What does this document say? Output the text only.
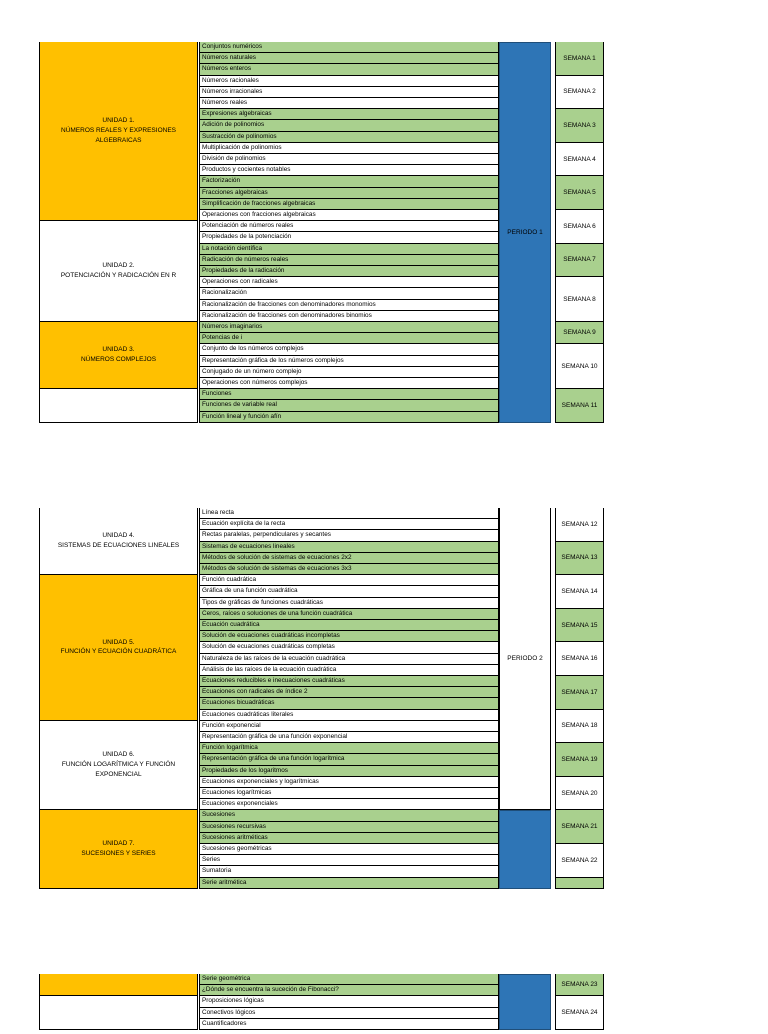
UNIDAD 1.
NÚMEROS REALES Y EXPRESIONES
ALGEBRAICAS
UNIDAD 2.
POTENCIACIÓN Y RADICACIÓN EN R
UNIDAD 3.
NÚMEROS COMPLEJOS
Conjuntos numéricos
Números naturales
Números enteros
Números racionales
Números irracionales
Números reales
Expresiones algebraicas
Adición de polinomios
Sustracción de polinomios
Multiplicación de polinomios
División de polinomios
Productos y cocientes notables
Factorización
Fracciones algebraicas
Simplificación de fracciones algebraicas
Operaciones con fracciones algebraicas
Potenciación de números reales
Propiedades de la potenciación
La notación científica
Radicación de números reales
Propiedades de la radicación
Operaciones con radicales
Racionalización
Racionalización de fracciones con denominadores monomios
Racionalización de fracciones con denominadores binomios
Números imaginarios
Potencias de i
Conjunto de los números complejos
Representación gráfica de los números complejos
Conjugado de un número complejo
Operaciones con números complejos
Funciones
Funciones de variable real
Función lineal y función afín
PERIODO 1
SEMANA 1
SEMANA 2
SEMANA 3
SEMANA 4
SEMANA 5
SEMANA 6
SEMANA 7
SEMANA 8
SEMANA 9
SEMANA 10
SEMANA 11
UNIDAD 4.
SISTEMAS DE ECUACIONES LINEALES
UNIDAD 5.
FUNCIÓN Y ECUACIÓN CUADRÁTICA
UNIDAD 6.
FUNCIÓN LOGARÍTMICA Y FUNCIÓN
EXPONENCIAL
UNIDAD 7.
SUCESIONES Y SERIES
Línea recta
Ecuación explícita de la recta
Rectas paralelas, perpendiculares y secantes
Sistemas de ecuaciones lineales
Métodos de solución de sistemas de ecuaciones 2x2
Métodos de solución de sistemas de ecuaciones 3x3
Función cuadrática
Gráfica de una función cuadrática
Tipos de gráficas de funciones cuadráticas
Ceros, raíces o soluciones de una función cuadrática
Ecuación cuadrática
Solución de ecuaciones cuadráticas incompletas
Solución de ecuaciones cuadráticas completas
Naturaleza de las raíces de la ecuación cuadrática
Análisis de las raíces de la ecuación cuadrática
Ecuaciones reducibles e inecuaciones cuadráticas
Ecuaciones con radicales de índice 2
Ecuaciones bicuadráticas
Ecuaciones cuadráticas literales
Función exponencial
Representación gráfica de una función exponencial
Función logarítmica
Representación gráfica de una función logarítmica
Propiedades de los logaritmos
Ecuaciones exponenciales y logarítmicas
Ecuaciones logarítmicas
Ecuaciones exponenciales
Sucesiones
Sucesiones recursivas
Sucesiones aritméticas
Sucesiones geométricas
Series
Sumatoria
Serie aritmética
PERIODO 2
SEMANA 12
SEMANA 13
SEMANA 14
SEMANA 15
SEMANA 16
SEMANA 17
SEMANA 18
SEMANA 19
SEMANA 20
SEMANA 21
SEMANA 22
Serie geométrica
¿Dónde se encuentra la suceción de Fibonacci?
Proposiciones lógicas
Conectivos lógicos
Cuantificadores
SEMANA 23
SEMANA 24
